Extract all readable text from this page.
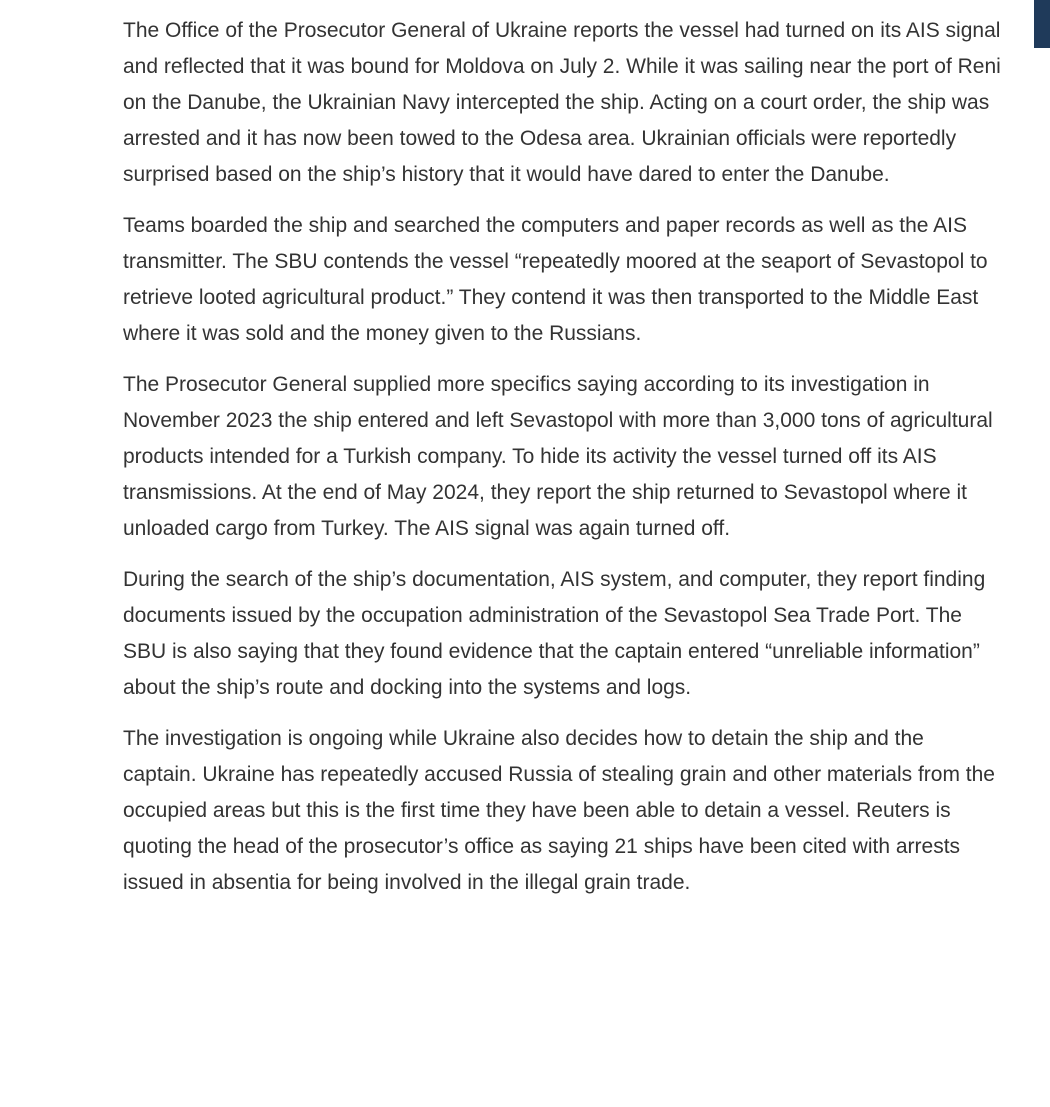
The Office of the Prosecutor General of Ukraine reports the vessel had turned on its AIS signal and reflected that it was bound for Moldova on July 2. While it was sailing near the port of Reni on the Danube, the Ukrainian Navy intercepted the ship. Acting on a court order, the ship was arrested and it has now been towed to the Odesa area. Ukrainian officials were reportedly surprised based on the ship’s history that it would have dared to enter the Danube.

Teams boarded the ship and searched the computers and paper records as well as the AIS transmitter. The SBU contends the vessel “repeatedly moored at the seaport of Sevastopol to retrieve looted agricultural product.” They contend it was then transported to the Middle East where it was sold and the money given to the Russians.

The Prosecutor General supplied more specifics saying according to its investigation in November 2023 the ship entered and left Sevastopol with more than 3,000 tons of agricultural products intended for a Turkish company. To hide its activity the vessel turned off its AIS transmissions. At the end of May 2024, they report the ship returned to Sevastopol where it unloaded cargo from Turkey. The AIS signal was again turned off.

During the search of the ship’s documentation, AIS system, and computer, they report finding documents issued by the occupation administration of the Sevastopol Sea Trade Port. The SBU is also saying that they found evidence that the captain entered “unreliable information” about the ship’s route and docking into the systems and logs.

The investigation is ongoing while Ukraine also decides how to detain the ship and the captain. Ukraine has repeatedly accused Russia of stealing grain and other materials from the occupied areas but this is the first time they have been able to detain a vessel. Reuters is quoting the head of the prosecutor’s office as saying 21 ships have been cited with arrests issued in absentia for being involved in the illegal grain trade.
